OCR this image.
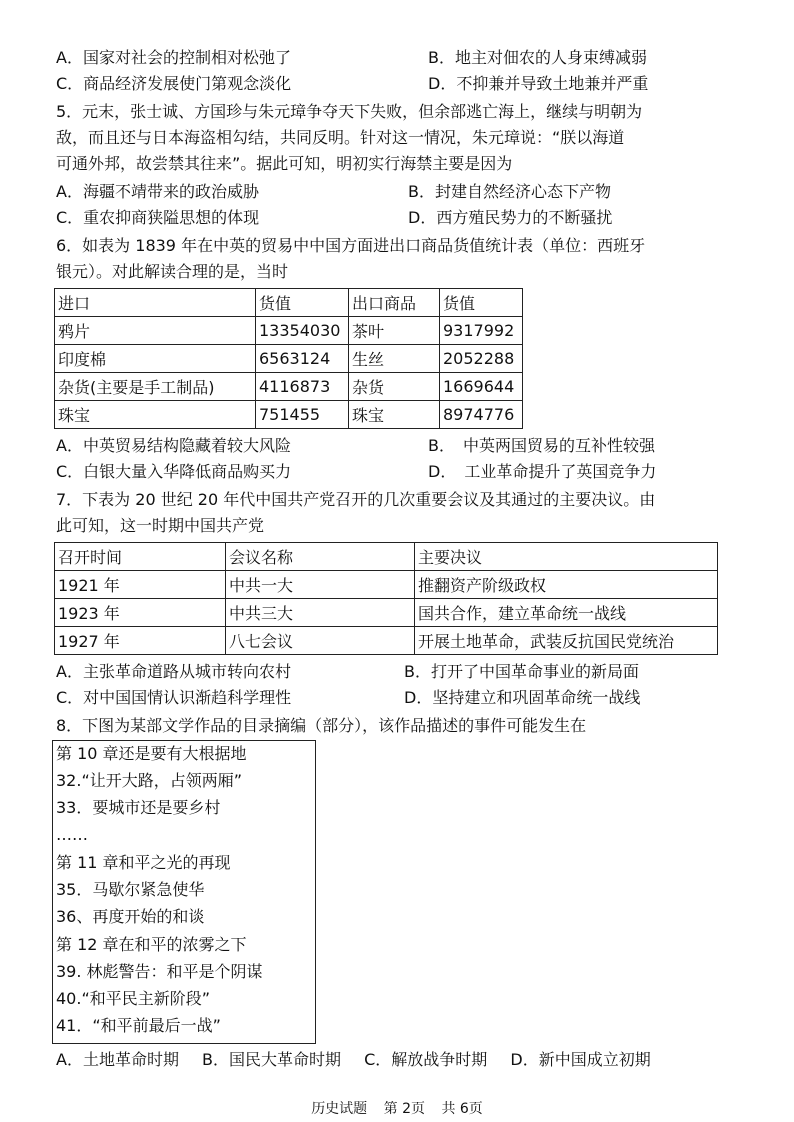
A．国家对社会的控制相对松弛了	B．地主对佃农的人身束缚减弱
C．商品经济发展使门第观念淡化	D．不抑兼并导致土地兼并严重
5．元末，张士诚、方国珍与朱元璋争夺天下失败，但余部逃亡海上，继续与明朝为
敌，而且还与日本海盗相勾结，共同反明。针对这一情况，朱元璋说：“朕以海道
可通外邦，故尝禁其往来”。据此可知，明初实行海禁主要是因为
A．海疆不靖带来的政治威胁	B．封建自然经济心态下产物
C．重农抑商狭隘思想的体现	D．西方殖民势力的不断骚扰
6．如表为 1839 年在中英的贸易中中国方面进出口商品货值统计表（单位：西班牙
银元）。对此解读合理的是，当时
进口	货值	出口商品	货值
鸦片	13354030	茶叶	9317992
印度棉	6563124	生丝	2052288
杂货(主要是手工制品)	4116873	杂货	1669644
珠宝	751455	珠宝	8974776
A．中英贸易结构隐藏着较大风险	B．　中英两国贸易的互补性较强
C．白银大量入华降低商品购买力	D．　工业革命提升了英国竞争力
7．下表为 20 世纪 20 年代中国共产党召开的几次重要会议及其通过的主要决议。由
此可知，这一时期中国共产党
召开时间	会议名称	主要决议
1921 年	中共一大	推翻资产阶级政权
1923 年	中共三大	国共合作，建立革命统一战线
1927 年	八七会议	开展土地革命，武装反抗国民党统治
A．主张革命道路从城市转向农村	B．打开了中国革命事业的新局面
C．对中国国情认识渐趋科学理性	D．坚持建立和巩固革命统一战线
8．下图为某部文学作品的目录摘编（部分），该作品描述的事件可能发生在
第 10 章还是要有大根据地
32.“让开大路，占领两厢”
33．要城市还是要乡村
……
第 11 章和平之光的再现
35．马歇尔紧急使华
36、再度开始的和谈
第 12 章在和平的浓雾之下
39. 林彪警告：和平是个阴谋
40.“和平民主新阶段”
41．“和平前最后一战”
A．土地革命时期 B．国民大革命时期 C．解放战争时期 D．新中国成立初期
历史试题 第 2页 共 6页
